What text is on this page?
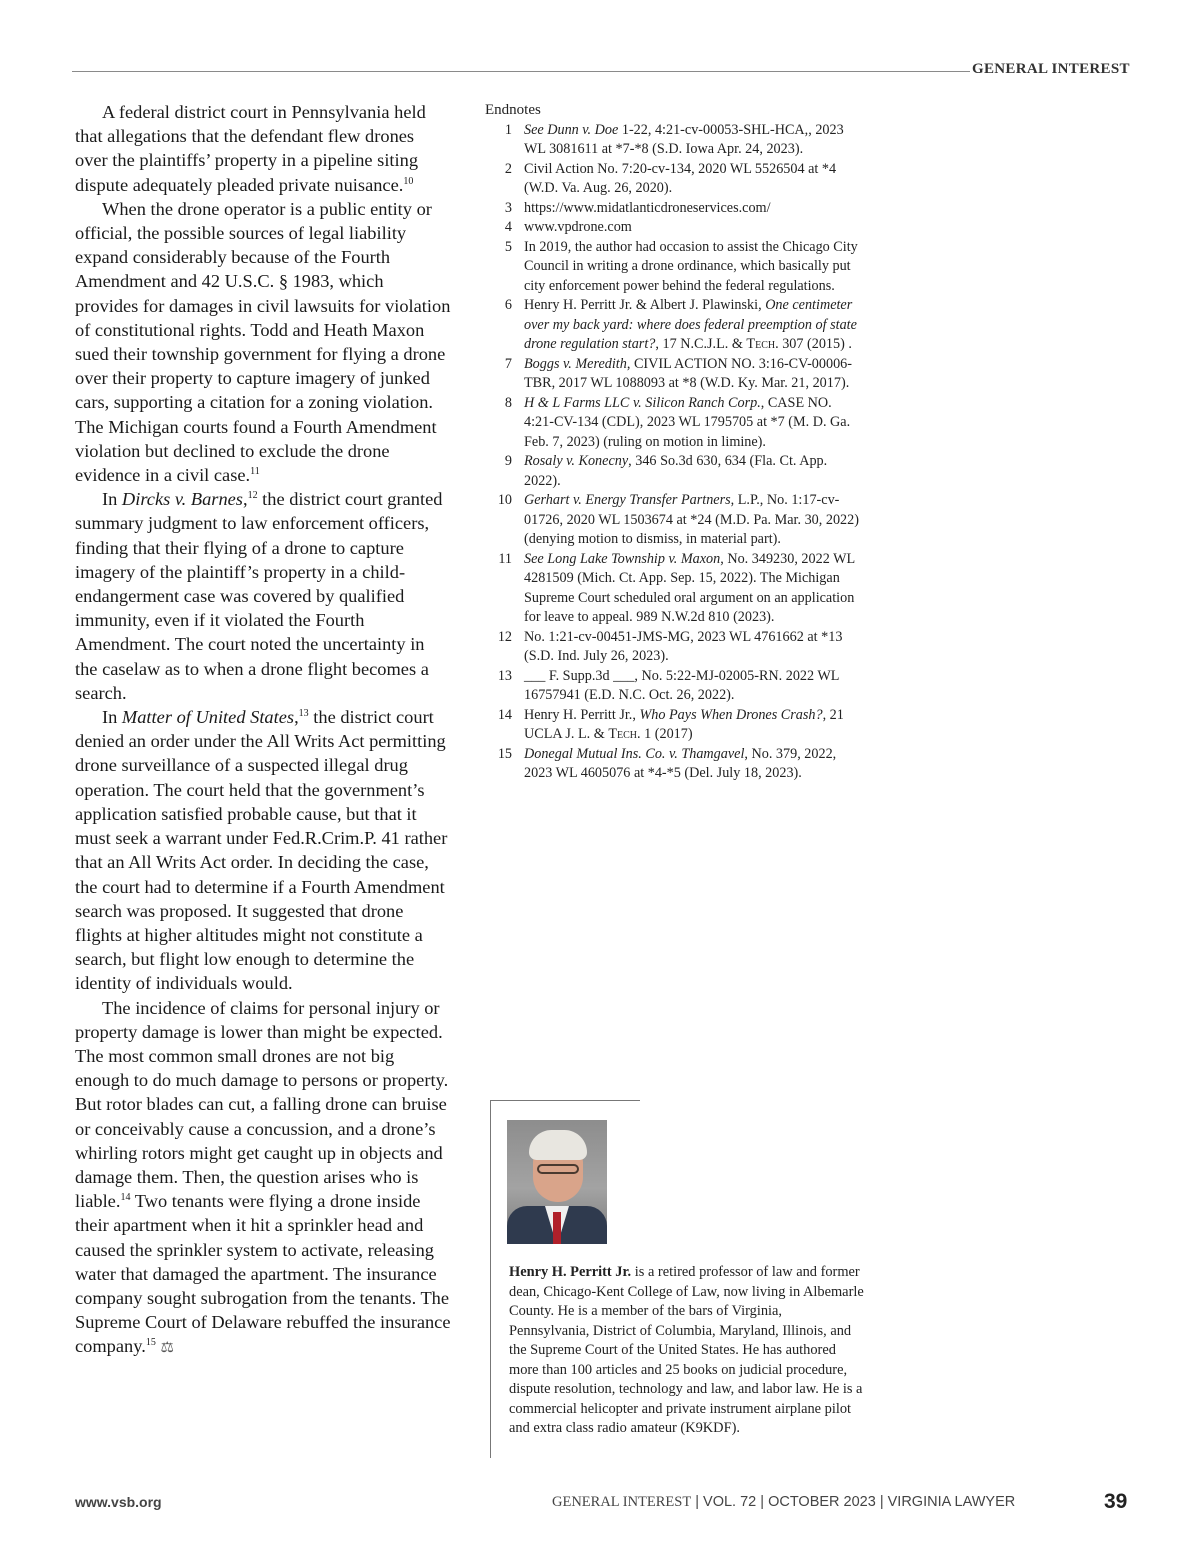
GENERAL INTEREST

A federal district court in Pennsylvania held that allegations that the defendant flew drones over the plaintiffs’ property in a pipeline siting dispute adequately pleaded private nuisance.$^{10}$

When the drone operator is a public entity or official, the possible sources of legal liability expand considerably because of the Fourth Amendment and 42 U.S.C. § 1983, which provides for damages in civil lawsuits for violation of constitutional rights. Todd and Heath Maxon sued their township government for flying a drone over their property to capture imagery of junked cars, supporting a citation for a zoning violation. The Michigan courts found a Fourth Amendment violation but declined to exclude the drone evidence in a civil case.$^{11}$

In Dircks v. Barnes,$^{12}$ the district court granted summary judgment to law enforcement officers, finding that their flying of a drone to capture imagery of the plaintiff’s property in a child-endangerment case was covered by qualified immunity, even if it violated the Fourth Amendment. The court noted the uncertainty in the caselaw as to when a drone flight becomes a search.

In Matter of United States,$^{13}$ the district court denied an order under the All Writs Act permitting drone surveillance of a suspected illegal drug operation. The court held that the government’s application satisfied probable cause, but that it must seek a warrant under Fed.R.Crim.P. 41 rather that an All Writs Act order. In deciding the case, the court had to determine if a Fourth Amendment search was proposed. It suggested that drone flights at higher altitudes might not constitute a search, but flight low enough to determine the identity of individuals would.

The incidence of claims for personal injury or property damage is lower than might be expected. The most common small drones are not big enough to do much damage to persons or property. But rotor blades can cut, a falling drone can bruise or conceivably cause a concussion, and a drone’s whirling rotors might get caught up in objects and damage them. Then, the question arises who is liable.$^{14}$ Two tenants were flying a drone inside their apartment when it hit a sprinkler head and caused the sprinkler system to activate, releasing water that damaged the apartment. The insurance company sought subrogation from the tenants. The Supreme Court of Delaware rebuffed the insurance company.$^{15}$ ⚖

Endnotes

1 See Dunn v. Doe 1-22, 4:21-cv-00053-SHL-HCA,, 2023 WL 3081611 at *7-*8 (S.D. Iowa Apr. 24, 2023).
2 Civil Action No. 7:20-cv-134, 2020 WL 5526504 at *4 (W.D. Va. Aug. 26, 2020).
3 https://www.midatlanticdroneservices.com/
4 www.vpdrone.com
5 In 2019, the author had occasion to assist the Chicago City Council in writing a drone ordinance, which basically put city enforcement power behind the federal regulations.
6 Henry H. Perritt Jr. & Albert J. Plawinski, One centimeter over my back yard: where does federal preemption of state drone regulation start?, 17 N.C.J.L. & Tech. 307 (2015) .
7 Boggs v. Meredith, CIVIL ACTION NO. 3:16-CV-00006-TBR, 2017 WL 1088093 at *8 (W.D. Ky. Mar. 21, 2017).
8 H & L Farms LLC v. Silicon Ranch Corp., CASE NO. 4:21-CV-134 (CDL), 2023 WL 1795705 at *7 (M. D. Ga. Feb. 7, 2023) (ruling on motion in limine).
9 Rosaly v. Konecny, 346 So.3d 630, 634 (Fla. Ct. App. 2022).
10 Gerhart v. Energy Transfer Partners, L.P., No. 1:17-cv-01726, 2020 WL 1503674 at *24 (M.D. Pa. Mar. 30, 2022) (denying motion to dismiss, in material part).
11 See Long Lake Township v. Maxon, No. 349230, 2022 WL 4281509 (Mich. Ct. App. Sep. 15, 2022). The Michigan Supreme Court scheduled oral argument on an application for leave to appeal. 989 N.W.2d 810 (2023).
12 No. 1:21-cv-00451-JMS-MG, 2023 WL 4761662 at *13 (S.D. Ind. July 26, 2023).
13 ___ F. Supp.3d ___, No. 5:22-MJ-02005-RN. 2022 WL 16757941 (E.D. N.C. Oct. 26, 2022).
14 Henry H. Perritt Jr., Who Pays When Drones Crash?, 21 UCLA J. L. & Tech. 1 (2017)
15 Donegal Mutual Ins. Co. v. Thamgavel, No. 379, 2022, 2023 WL 4605076 at *4-*5 (Del. July 18, 2023).
Henry H. Perritt Jr. is a retired professor of law and former dean, Chicago-Kent College of Law, now living in Albemarle County. He is a member of the bars of Virginia, Pennsylvania, District of Columbia, Maryland, Illinois, and the Supreme Court of the United States. He has authored more than 100 articles and 25 books on judicial procedure, dispute resolution, technology and law, and labor law. He is a commercial helicopter and private instrument airplane pilot and extra class radio amateur (K9KDF).
www.vsb.org	GENERAL INTEREST | VOL. 72 | OCTOBER 2023 | VIRGINIA LAWYER	39
